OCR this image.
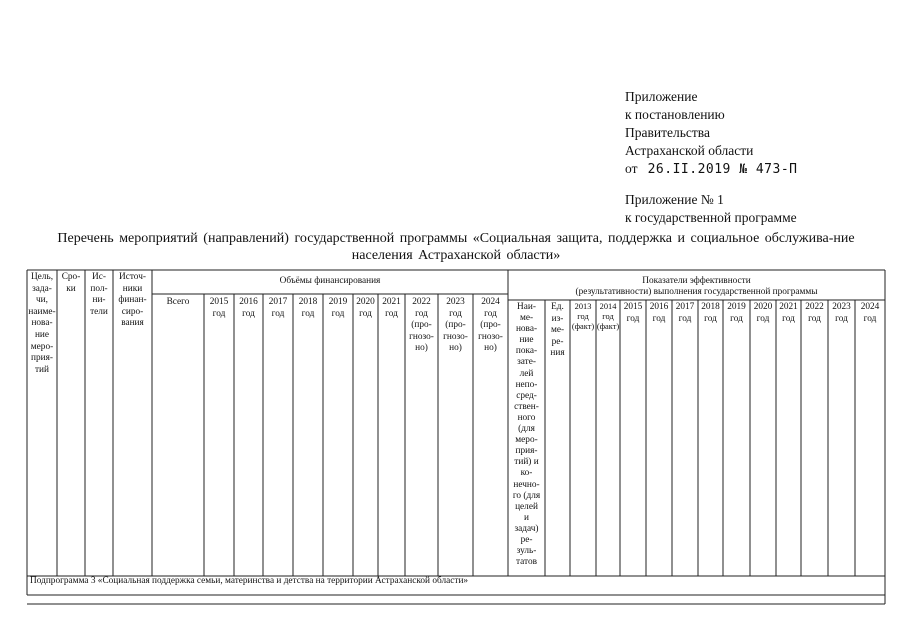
Приложение
к постановлению
Правительства
Астраханской области
от 26.II.2019 № 473-П
Приложение № 1
к государственной программе
Перечень мероприятий (направлений) государственной программы «Социальная защита, поддержка и социальное обслужива-ние населения Астраханской области»
Цель,
зада-
чи,
наиме-
нова-
ние
меро-
прия-
тий
Сро-
ки
Ис-
пол-
ни-
тели
Источ-
ники
финан-
сиро-
вания
Объёмы финансирования
Всего	2015
год
2016
год
2017
год
2018
год
2019
год
2020
год
2021
год
2022
год
(про-
гнозо-
но)
2023
год
(про-
гнозо-
но)
2024
год
(про-
гнозо-
но)
Показатели эффективности
(результативности) выполнения государственной программы
Наи-
ме-
нова-
ние
пока-
зате-
лей
непо-
сред-
ствен-
ного
(для
меро-
прия-
тий) и
ко-
нечно-
го (для
целей
и
задач)
ре-
зуль-
татов
Ед.
из-
ме-
ре-
ния
2013
год
(факт)
2014
год
(факт)
2015
год
2016
год
2017
год
2018
год
2019
год
2020
год
2021
год
2022
год
2023
год
2024
год
Подпрограмма 3 «Социальная поддержка семьи, материнства и детства на территории Астраханской области»
